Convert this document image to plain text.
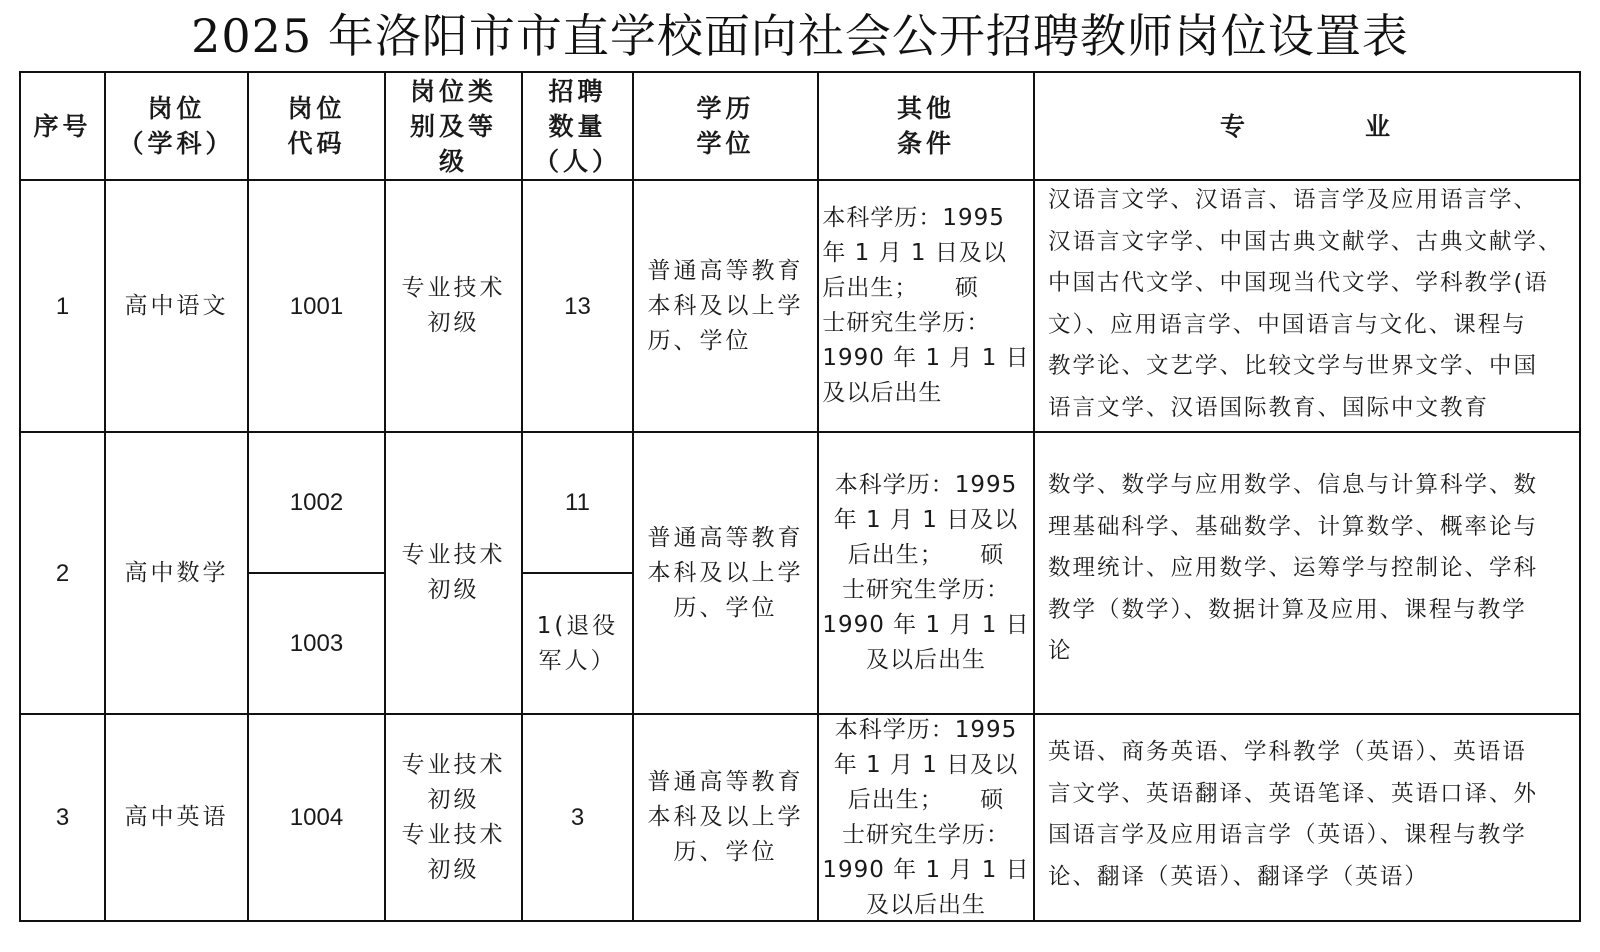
2025 年洛阳市市直学校面向社会公开招聘教师岗位设置表
序号
岗位
（学科）
岗位
代码
岗位类
别及等
级
招聘
数量
（人）
学历
学位
其他
条件
专　　　　业
1 高中语文	1001
专业技术
初级
13
普通高等教育
本科及以上学
历、学位
本科学历：1995
年 1 月 1 日及以
后出生；　　硕
士研究生学历：
1990 年 1 月 1 日
及以后出生
汉语言文学、汉语言、语言学及应用语言学、
汉语言文字学、中国古典文献学、古典文献学、
中国古代文学、中国现当代文学、学科教学(语
文）、应用语言学、中国语言与文化、课程与
教学论、文艺学、比较文学与世界文学、中国
语言文学、汉语国际教育、国际中文教育
2 高中数学
1002
1003
专业技术
初级
11
1(退役
军人）
普通高等教育
本科及以上学
历、学位
本科学历：1995
年 1 月 1 日及以
后出生；　　硕
士研究生学历：
1990 年 1 月 1 日
及以后出生
数学、数学与应用数学、信息与计算科学、数
理基础科学、基础数学、计算数学、概率论与
数理统计、应用数学、运筹学与控制论、学科
教学（数学）、数据计算及应用、课程与教学
论
3 高中英语	1004
专业技术
初级
专业技术
初级
3
普通高等教育
本科及以上学
历、学位
本科学历：1995
年 1 月 1 日及以
后出生；　　硕
士研究生学历：
1990 年 1 月 1 日
及以后出生
英语、商务英语、学科教学（英语）、英语语
言文学、英语翻译、英语笔译、英语口译、外
国语言学及应用语言学（英语）、课程与教学
论、翻译（英语）、翻译学（英语）
